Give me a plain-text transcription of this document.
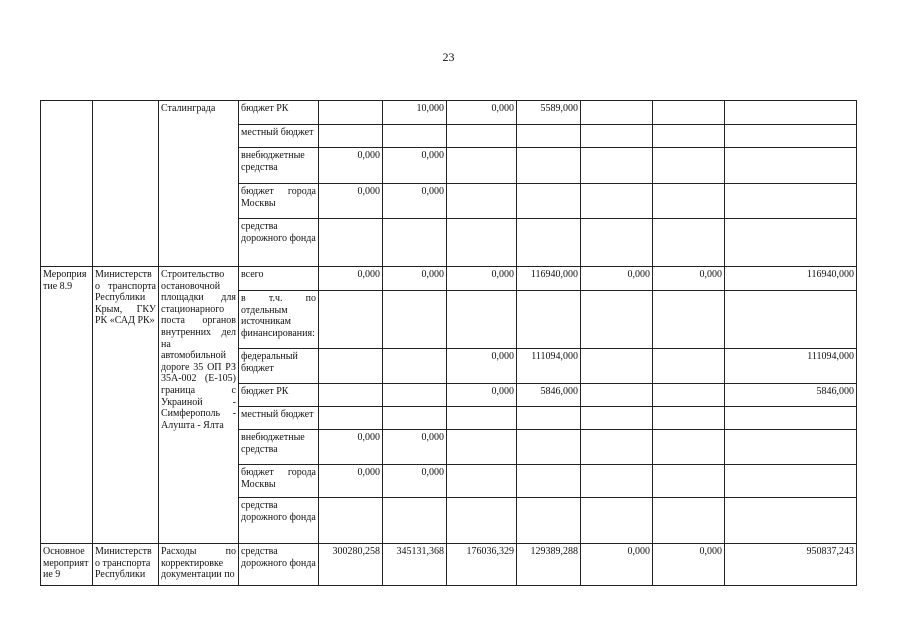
23
		Сталинграда	бюджет РК		10,000	0,000	5589,000			
			местный бюджет							
			внебюджетные средства	0,000	0,000					
			бюджет города Москвы	0,000	0,000					
			средства дорожного фонда							
Мероприя тие 8.9	Министерство транспорта Республики Крым, ГКУ РК «САД РК»	Строительство остановочной площадки для стационарного поста органов внутренних дел на автомобильной дороге 35 ОП РЗ 35А-002 (Е-105) граница с Украиной - Симферополь - Алушта - Ялта	всего	0,000	0,000	0,000	116940,000	0,000	0,000	116940,000
			в т.ч. по отдельным источникам финансирования:							
			федеральный бюджет			0,000	111094,000			111094,000
			бюджет РК			0,000	5846,000			5846,000
			местный бюджет							
			внебюджетные средства	0,000	0,000					
			бюджет города Москвы	0,000	0,000					
			средства дорожного фонда							
Основное мероприят ие 9	Министерство транспорта Республики	Расходы по корректировке документации по	средства дорожного фонда	300280,258	345131,368	176036,329	129389,288	0,000	0,000	950837,243
